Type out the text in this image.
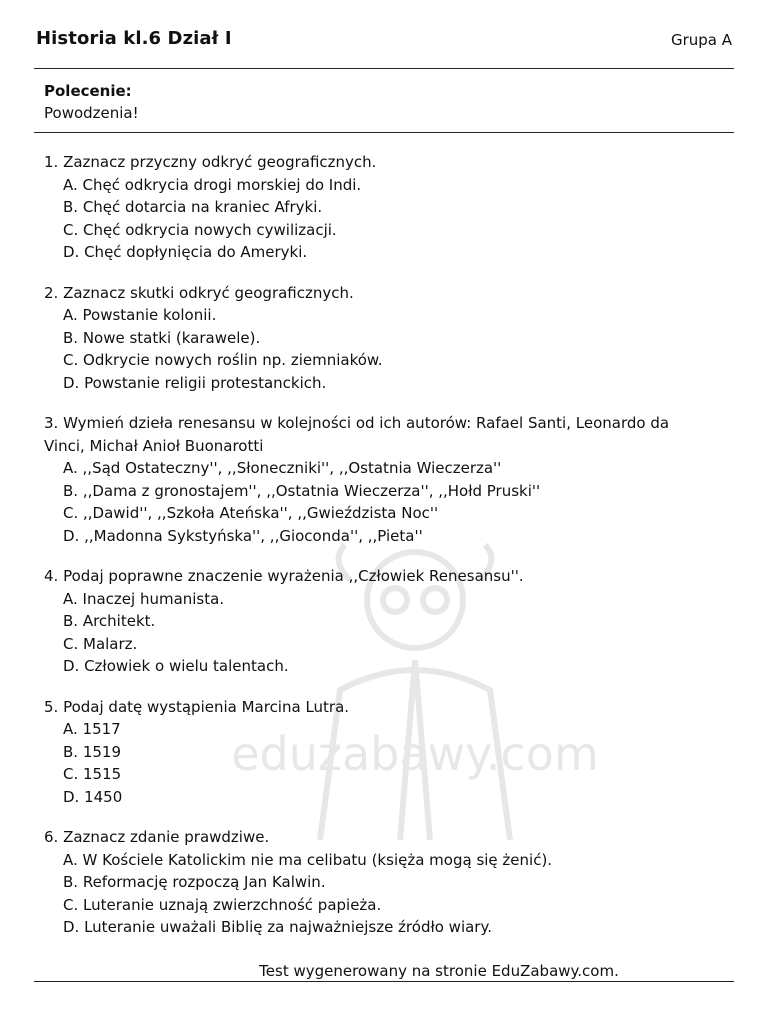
eduzabawy.com
Historia kl.6 Dział I	Grupa A
Polecenie:
Powodzenia!
1. Zaznacz przyczny odkryć geograficznych.
A. Chęć odkrycia drogi morskiej do Indi.
B. Chęć dotarcia na kraniec Afryki.
C. Chęć odkrycia nowych cywilizacji.
D. Chęć dopłynięcia do Ameryki.
2. Zaznacz skutki odkryć geograficznych.
A. Powstanie kolonii.
B. Nowe statki (karawele).
C. Odkrycie nowych roślin np. ziemniaków.
D. Powstanie religii protestanckich.
3. Wymień dzieła renesansu w kolejności od ich autorów: Rafael Santi, Leonardo da Vinci, Michał Anioł Buonarotti
A. ,,Sąd Ostateczny'', ,,Słoneczniki'', ,,Ostatnia Wieczerza''
B. ,,Dama z gronostajem'', ,,Ostatnia Wieczerza'', ,,Hołd Pruski''
C. ,,Dawid'', ,,Szkoła Ateńska'', ,,Gwieździsta Noc''
D. ,,Madonna Sykstyńska'', ,,Gioconda'', ,,Pieta''
4. Podaj poprawne znaczenie wyrażenia ,,Człowiek Renesansu''.
A. Inaczej humanista.
B. Architekt.
C. Malarz.
D. Człowiek o wielu talentach.
5. Podaj datę wystąpienia Marcina Lutra.
A. 1517
B. 1519
C. 1515
D. 1450
6. Zaznacz zdanie prawdziwe.
A. W Kościele Katolickim nie ma celibatu (księża mogą się żenić).
B. Reformację rozpoczą Jan Kalwin.
C. Luteranie uznają zwierzchność papieża.
D. Luteranie uważali Biblię za najważniejsze źródło wiary.
Test wygenerowany na stronie EduZabawy.com.
